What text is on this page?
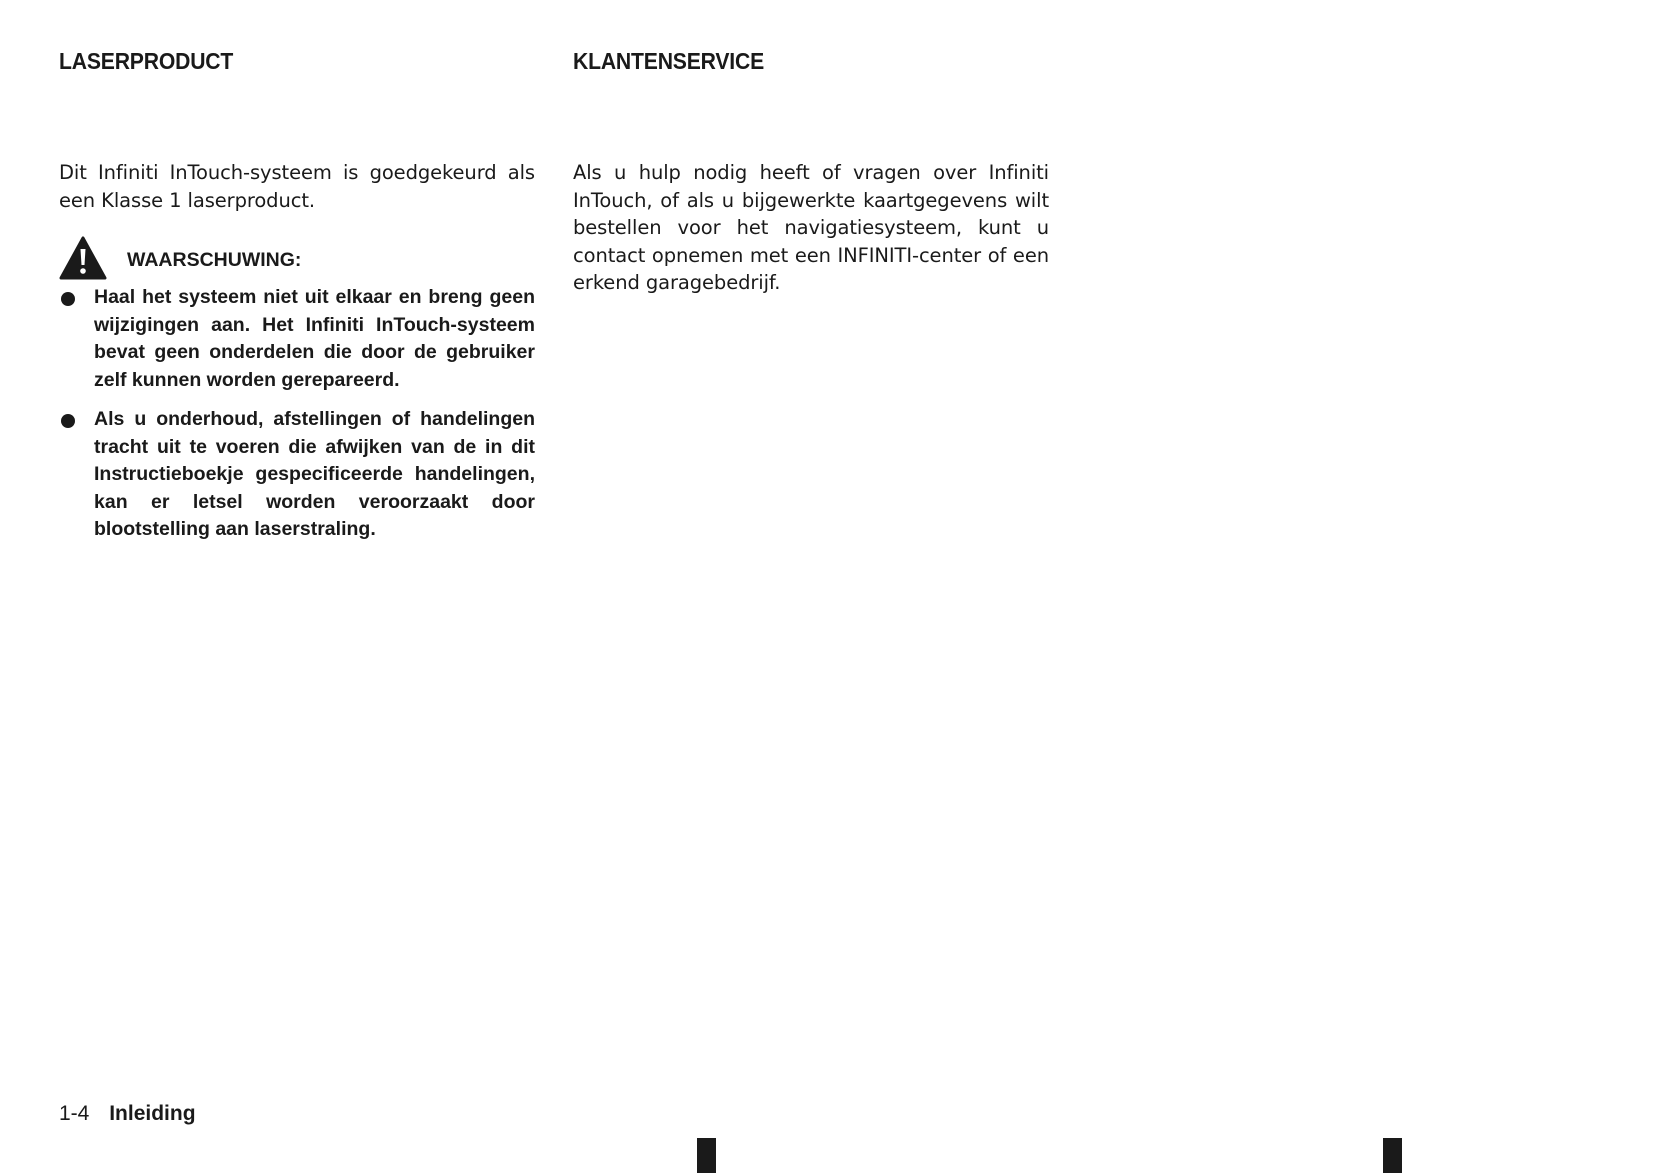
LASERPRODUCT

Dit Infiniti InTouch-systeem is goedgekeurd als een Klasse 1 laserproduct.

WAARSCHUWING:
Haal het systeem niet uit elkaar en breng geen wijzigingen aan. Het Infiniti InTouch-systeem bevat geen onderdelen die door de gebruiker zelf kunnen worden gerepareerd.
Als u onderhoud, afstellingen of handelingen tracht uit te voeren die afwijken van de in dit Instructieboekje gespecificeerde handelingen, kan er letsel worden veroorzaakt door blootstelling aan laserstraling.
KLANTENSERVICE

Als u hulp nodig heeft of vragen over Infiniti InTouch, of als u bijgewerkte kaartgegevens wilt bestellen voor het navigatiesysteem, kunt u contact opnemen met een INFINITI-center of een erkend garagebedrijf.

1-4 Inleiding
